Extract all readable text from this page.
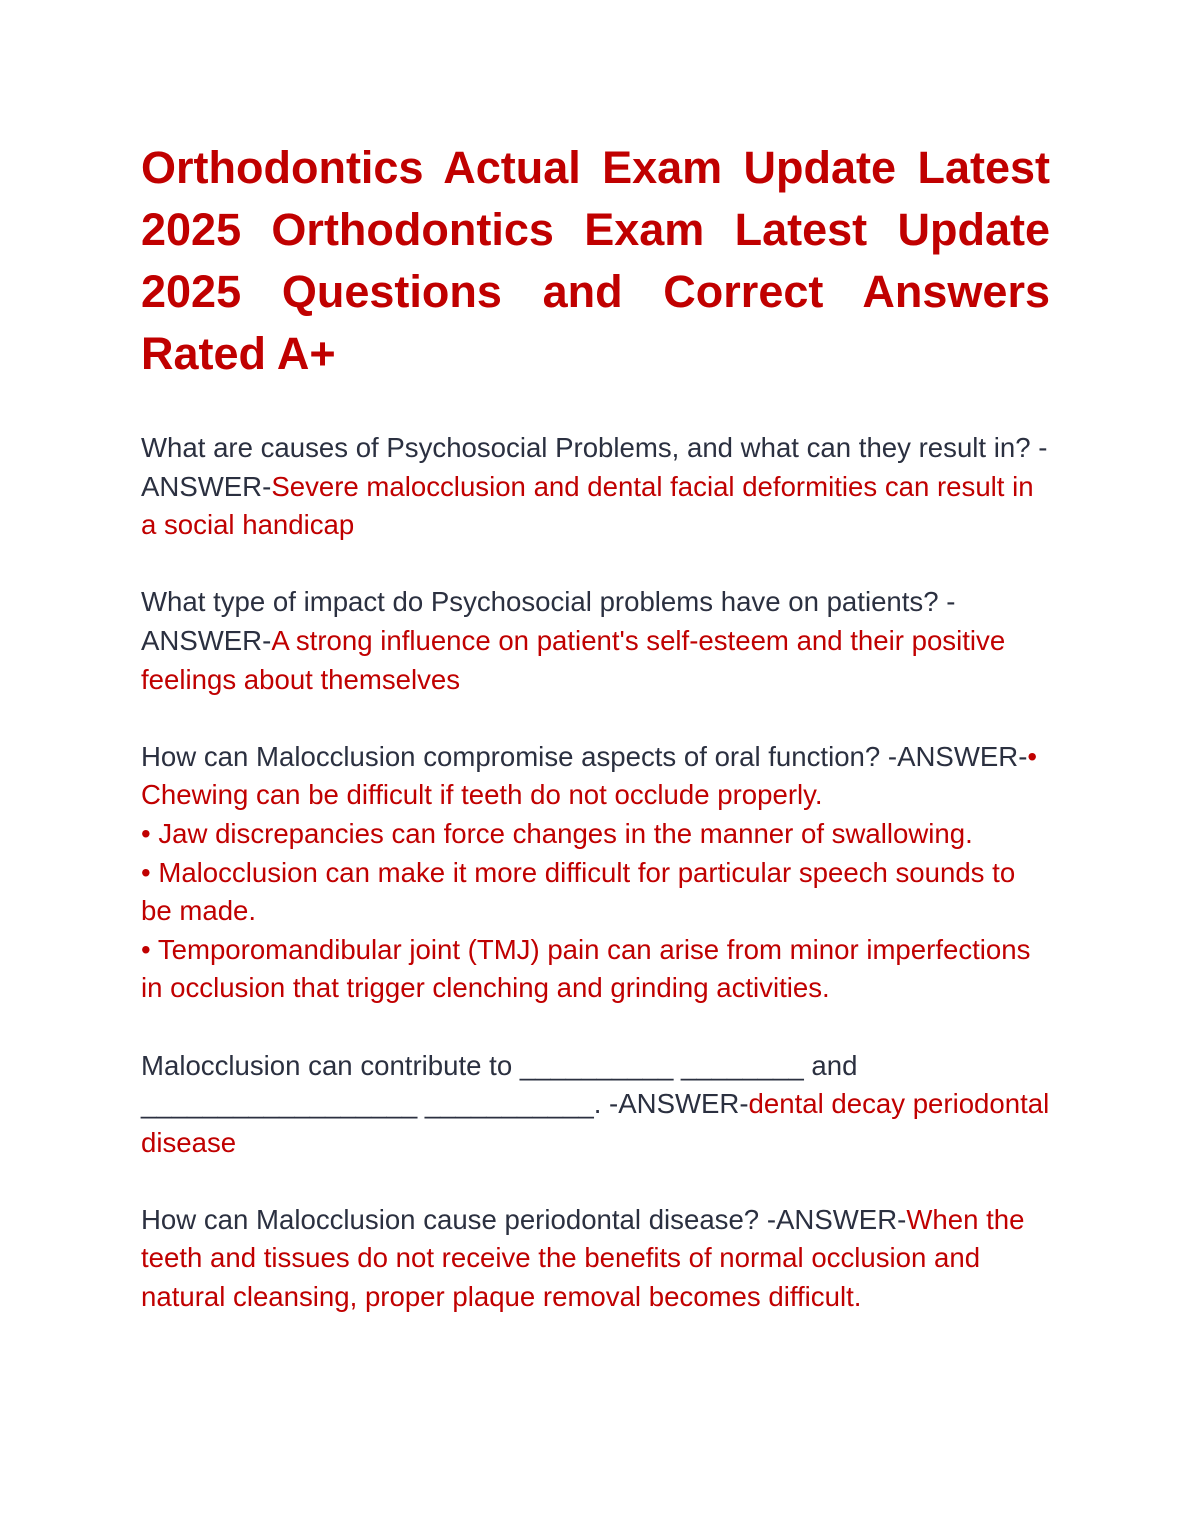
Orthodontics Actual Exam Update Latest 2025 Orthodontics Exam Latest Update 2025 Questions and Correct Answers Rated A+

What are causes of Psychosocial Problems, and what can they result in? -ANSWER-Severe malocclusion and dental facial deformities can result in a social handicap

What type of impact do Psychosocial problems have on patients? -ANSWER-A strong influence on patient's self-esteem and their positive feelings about themselves

How can Malocclusion compromise aspects of oral function? -ANSWER-• Chewing can be difficult if teeth do not occlude properly.
• Jaw discrepancies can force changes in the manner of swallowing.
• Malocclusion can make it more difficult for particular speech sounds to be made.
• Temporomandibular joint (TMJ) pain can arise from minor imperfections in occlusion that trigger clenching and grinding activities.

Malocclusion can contribute to __________ ________ and __________________ ___________. -ANSWER-dental decay periodontal disease

How can Malocclusion cause periodontal disease? -ANSWER-When the teeth and tissues do not receive the benefits of normal occlusion and natural cleansing, proper plaque removal becomes difficult.
